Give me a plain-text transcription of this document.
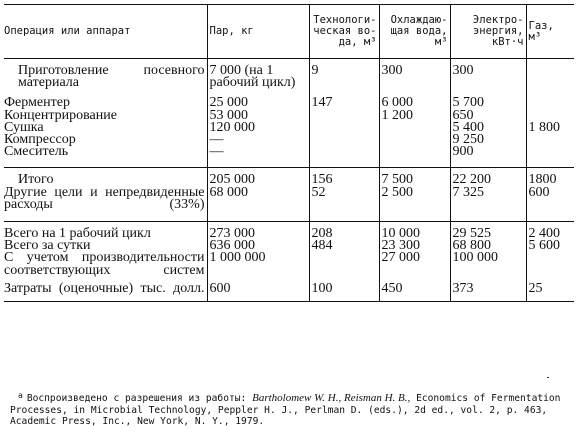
Операция или аппарат	Пар, кг	Технологи-ческая во-да, м³	Охлаждаю-щая вода, м³	Электро-энергия, кВт·ч	Газ, м³

Приготовление посевного материала	7 000 (на 1 рабочий цикл)	9	300	300	

Ферментер	25 000	147	6 000	5 700	
Концентрирование	53 000		1 200	650	
Сушка	120 000			5 400	1 800
Компрессор	—			9 250	
Смеситель	—			900	

Итого	205 000	156	7 500	22 200	1800
Другие цели и непредвиденные расходы (33%)	68 000	52	2 500	7 325	600

Всего на 1 рабочий цикл	273 000	208	10 000	29 525	2 400
Всего за сутки	636 000	484	23 300	68 800	5 600
С учетом производительности соответствующих систем	1 000 000		27 000	100 000	

Затраты (оценочные) тыс. долл.	600	100	450	373	25

$^а$ Воспроизведено с разрешения из работы: Bartholomew W. H., Reisman H. B., Economics of Fermentation Processes, in Microbial Technology, Peppler H. J., Perlman D. (eds.), 2d ed., vol. 2, p. 463, Academic Press, Inc., New York, N. Y., 1979.
